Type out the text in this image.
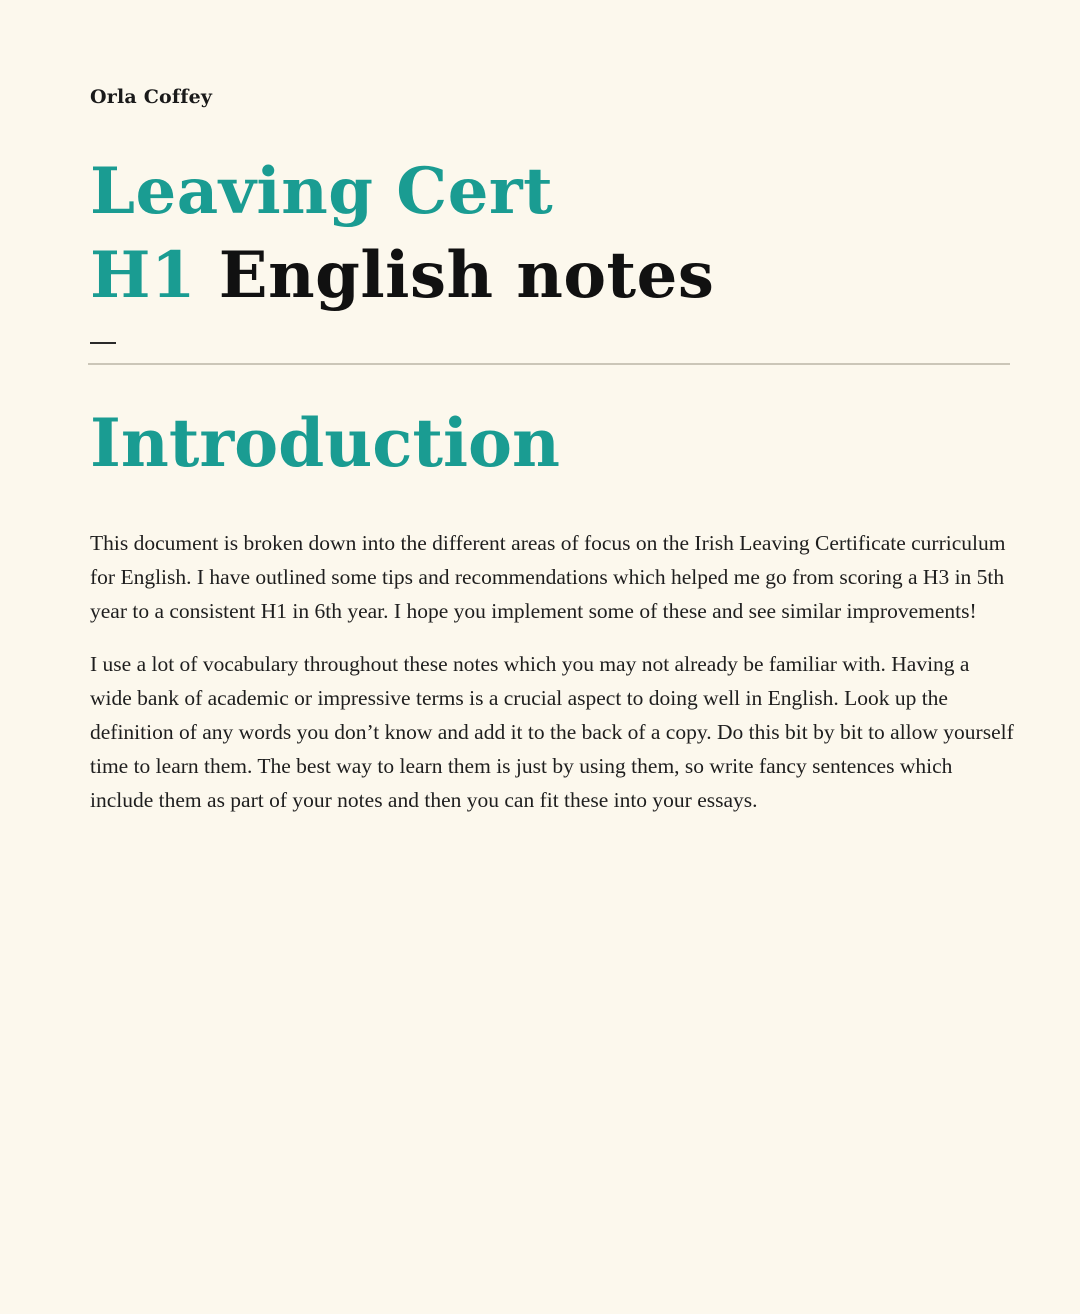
Orla Coffey
Leaving Cert
H1 English notes
Introduction

This document is broken down into the different areas of focus on the Irish Leaving Certificate curriculum for English. I have outlined some tips and recommendations which helped me go from scoring a H3 in 5th year to a consistent H1 in 6th year. I hope you implement some of these and see similar improvements!

I use a lot of vocabulary throughout these notes which you may not already be familiar with. Having a wide bank of academic or impressive terms is a crucial aspect to doing well in English. Look up the definition of any words you don’t know and add it to the back of a copy. Do this bit by bit to allow yourself time to learn them. The best way to learn them is just by using them, so write fancy sentences which include them as part of your notes and then you can fit these into your essays.
